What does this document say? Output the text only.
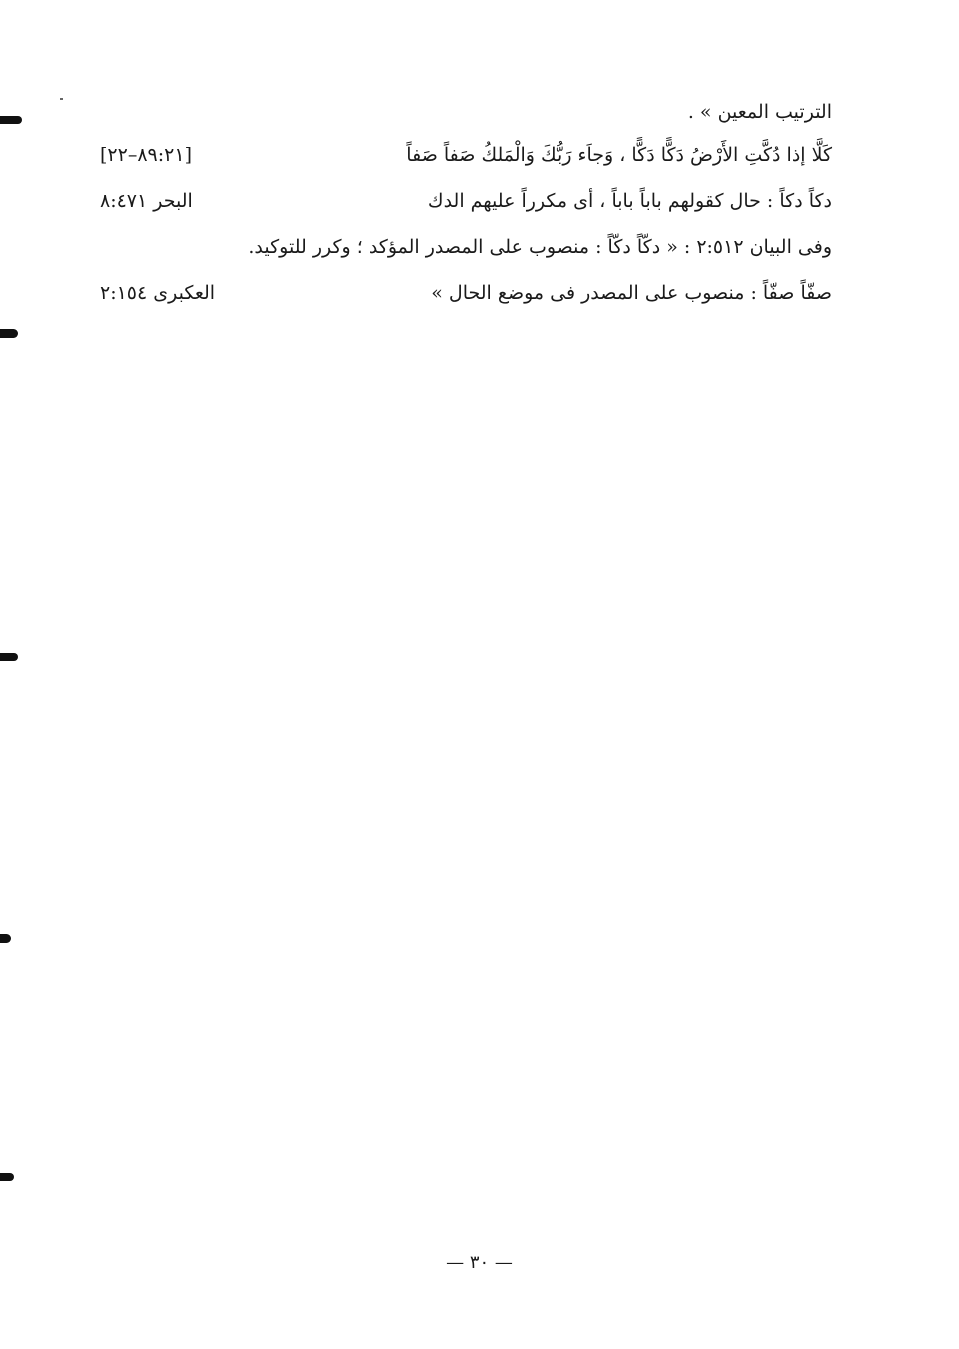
الترتيب المعين » .
كَلَّا إذا دُكَّتِ الأَرْضُ دَكًّا دَكًّا ، وَجاَء رَبُّكَ وَالْمَلكُ صَفاً صَفاً
[٨٩:٢١–٢٢]
دكاً دكاً : حال كقولهم باباً باباً ، أى مكرراً عليهم الدك
البحر ٨:٤٧١
وفى البيان ٢:٥١٢ : « دكّاً دكّاً : منصوب على المصدر المؤكد ؛ وكرر للتوكيد.
صفّاً صفّاً : منصوب على المصدر فى موضع الحال »
العكبرى ٢:١٥٤
— ٣٠ —
